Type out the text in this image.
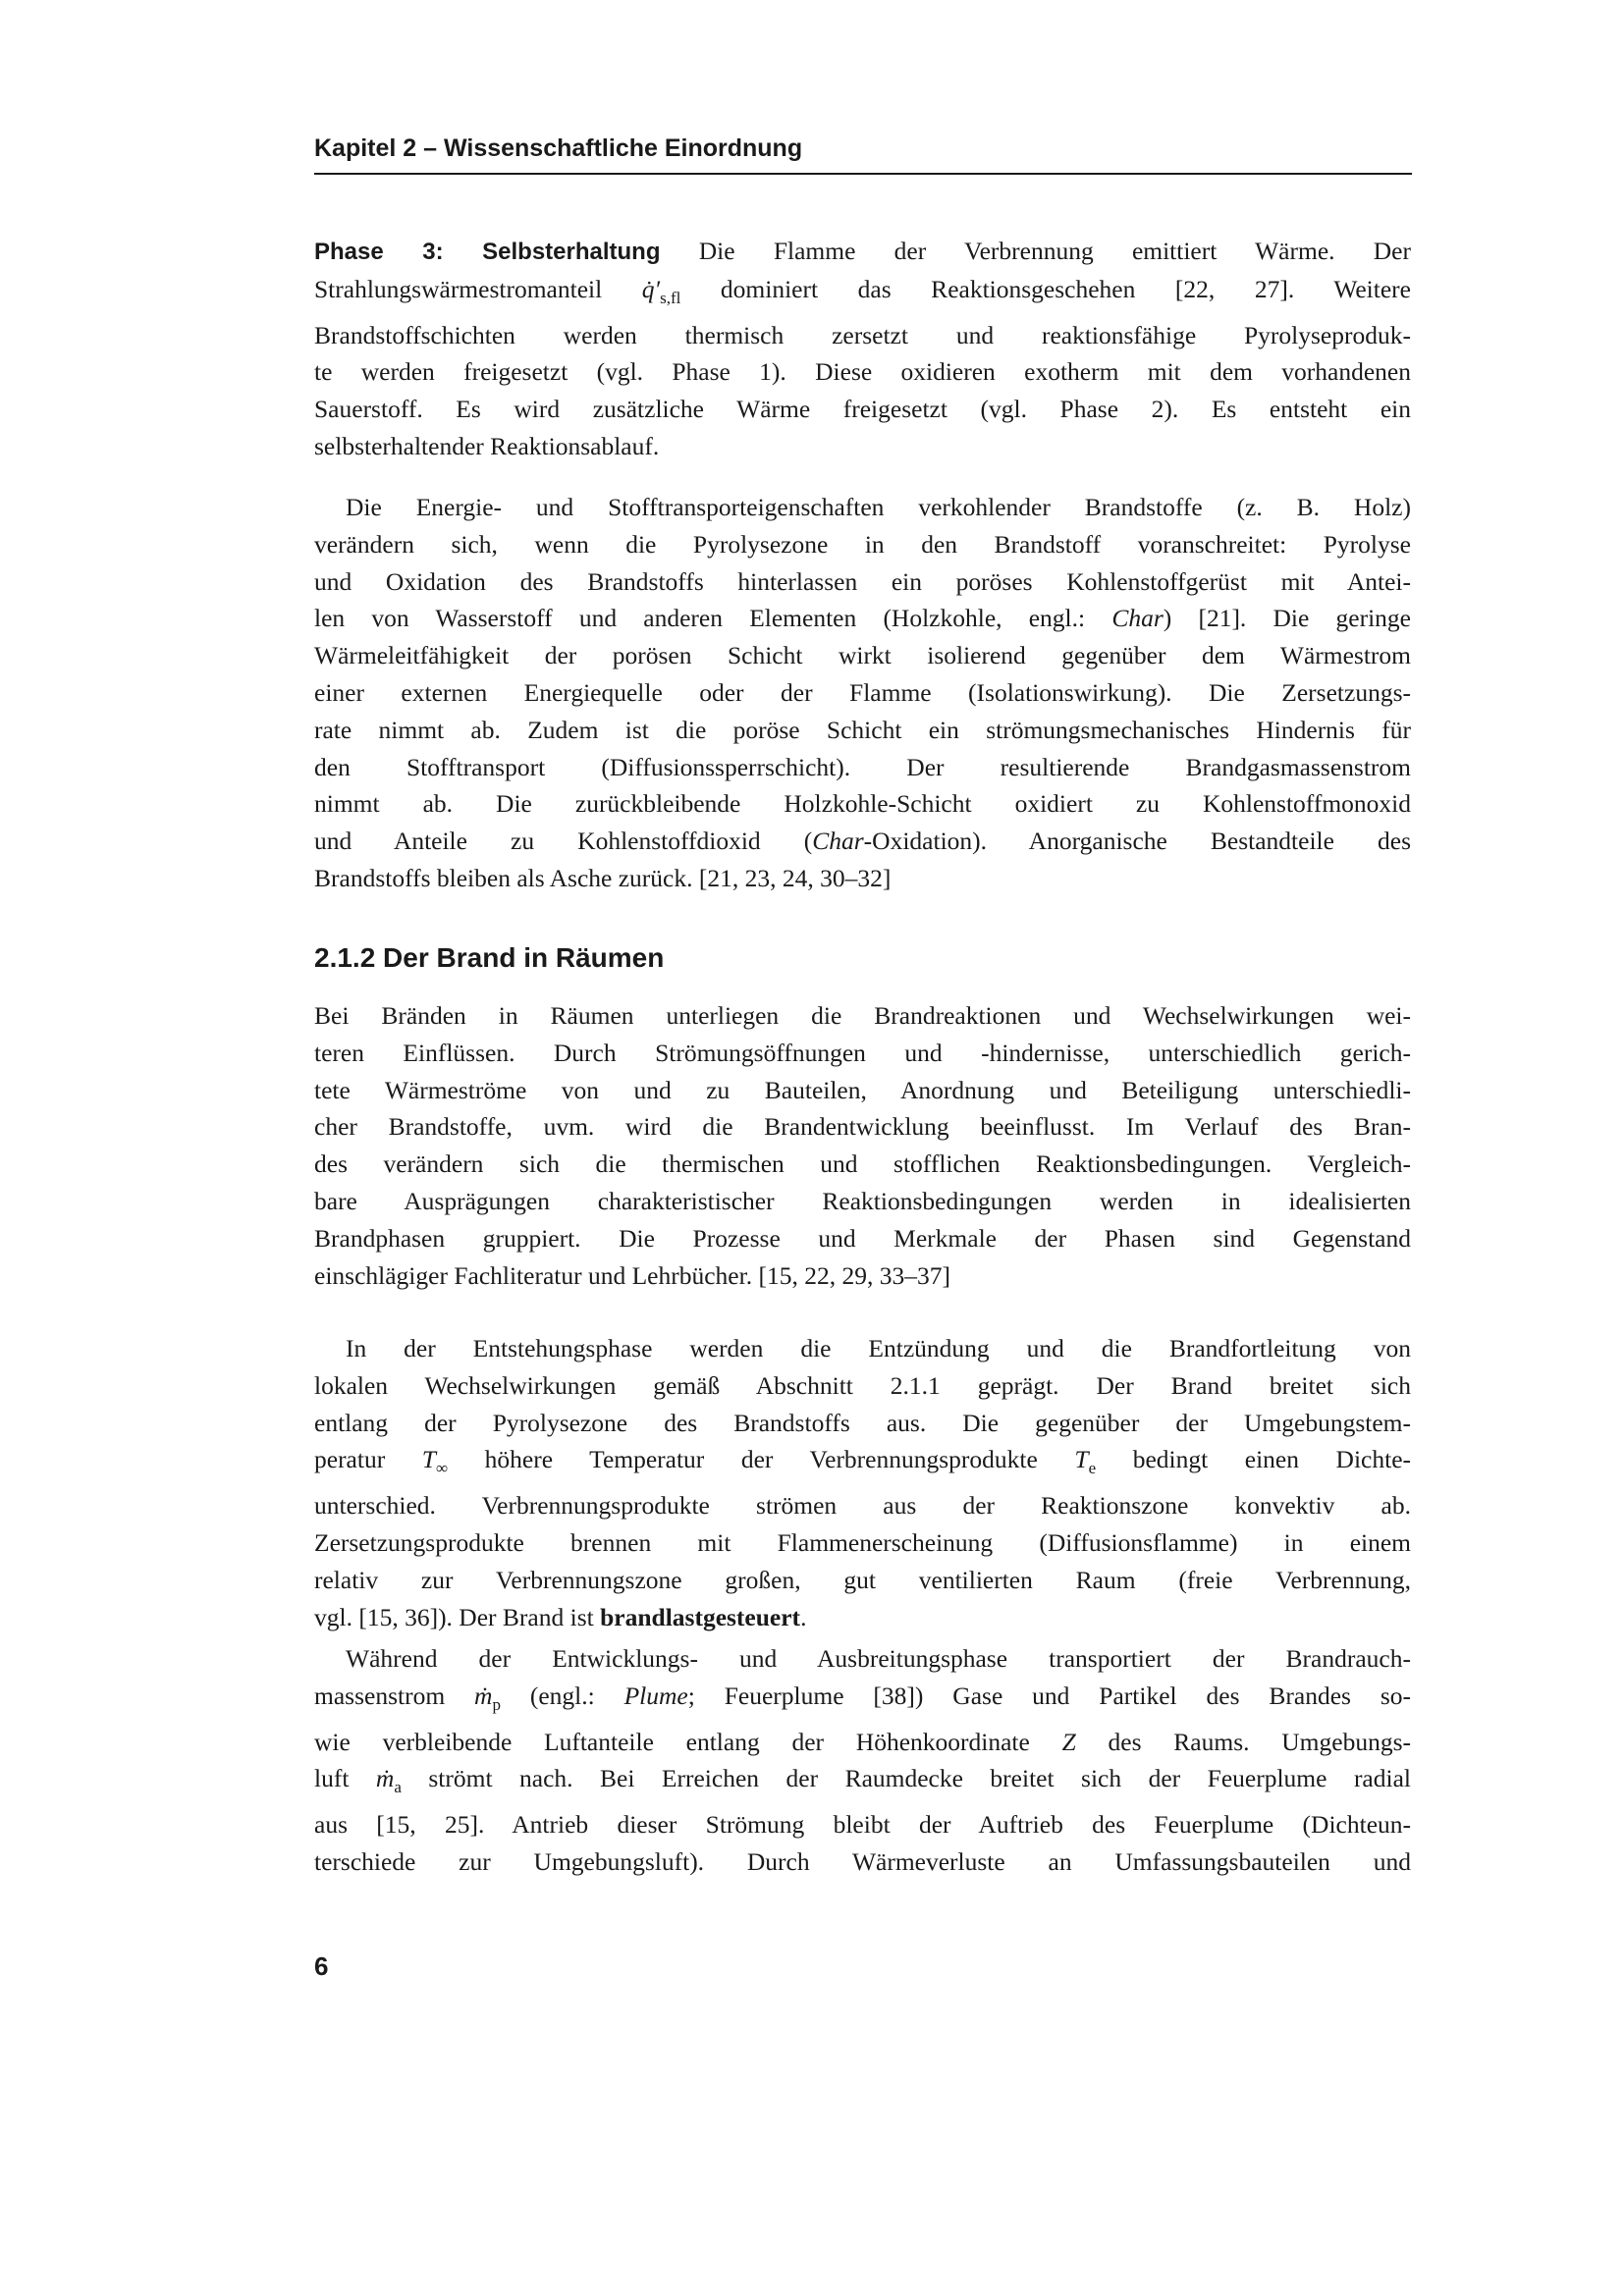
Kapitel 2 – Wissenschaftliche Einordnung
Phase 3: Selbsterhaltung Die Flamme der Verbrennung emittiert Wärme. Der
Strahlungswärmestromanteil $q̇'_{s,fl}$ dominiert das Reaktionsgeschehen [22, 27]. Weitere
Brandstoffschichten werden thermisch zersetzt und reaktionsfähige Pyrolyseproduk-
te werden freigesetzt (vgl. Phase 1). Diese oxidieren exotherm mit dem vorhandenen
Sauerstoff. Es wird zusätzliche Wärme freigesetzt (vgl. Phase 2). Es entsteht ein
selbsterhaltender Reaktionsablauf.
Die Energie- und Stofftransporteigenschaften verkohlender Brandstoffe (z. B. Holz)
verändern sich, wenn die Pyrolysezone in den Brandstoff voranschreitet: Pyrolyse
und Oxidation des Brandstoffs hinterlassen ein poröses Kohlenstoffgerüst mit Antei-
len von Wasserstoff und anderen Elementen (Holzkohle, engl.: Char) [21]. Die geringe
Wärmeleitfähigkeit der porösen Schicht wirkt isolierend gegenüber dem Wärmestrom
einer externen Energiequelle oder der Flamme (Isolationswirkung). Die Zersetzungs-
rate nimmt ab. Zudem ist die poröse Schicht ein strömungsmechanisches Hindernis für
den Stofftransport (Diffusionssperrschicht). Der resultierende Brandgasmassenstrom
nimmt ab. Die zurückbleibende Holzkohle-Schicht oxidiert zu Kohlenstoffmonoxid
und Anteile zu Kohlenstoffdioxid (Char-Oxidation). Anorganische Bestandteile des
Brandstoffs bleiben als Asche zurück. [21, 23, 24, 30–32]
2.1.2 Der Brand in Räumen
Bei Bränden in Räumen unterliegen die Brandreaktionen und Wechselwirkungen wei-
teren Einflüssen. Durch Strömungsöffnungen und -hindernisse, unterschiedlich gerich-
tete Wärmeströme von und zu Bauteilen, Anordnung und Beteiligung unterschiedli-
cher Brandstoffe, uvm. wird die Brandentwicklung beeinflusst. Im Verlauf des Bran-
des verändern sich die thermischen und stofflichen Reaktionsbedingungen. Vergleich-
bare Ausprägungen charakteristischer Reaktionsbedingungen werden in idealisierten
Brandphasen gruppiert. Die Prozesse und Merkmale der Phasen sind Gegenstand
einschlägiger Fachliteratur und Lehrbücher. [15, 22, 29, 33–37]
In der Entstehungsphase werden die Entzündung und die Brandfortleitung von
lokalen Wechselwirkungen gemäß Abschnitt 2.1.1 geprägt. Der Brand breitet sich
entlang der Pyrolysezone des Brandstoffs aus. Die gegenüber der Umgebungstem-
peratur $T_\infty$ höhere Temperatur der Verbrennungsprodukte $T_e$ bedingt einen Dichte-
unterschied. Verbrennungsprodukte strömen aus der Reaktionszone konvektiv ab.
Zersetzungsprodukte brennen mit Flammenerscheinung (Diffusionsflamme) in einem
relativ zur Verbrennungszone großen, gut ventilierten Raum (freie Verbrennung,
vgl. [15, 36]). Der Brand ist brandlastgesteuert.
Während der Entwicklungs- und Ausbreitungsphase transportiert der Brandrauch-
massenstrom ṁ$_p$ (engl.: Plume; Feuerplume [38]) Gase und Partikel des Brandes so-
wie verbleibende Luftanteile entlang der Höhenkoordinate Z des Raums. Umgebungs-
luft ṁ$_a$ strömt nach. Bei Erreichen der Raumdecke breitet sich der Feuerplume radial
aus [15, 25]. Antrieb dieser Strömung bleibt der Auftrieb des Feuerplume (Dichteun-
terschiede zur Umgebungsluft). Durch Wärmeverluste an Umfassungsbauteilen und
6
